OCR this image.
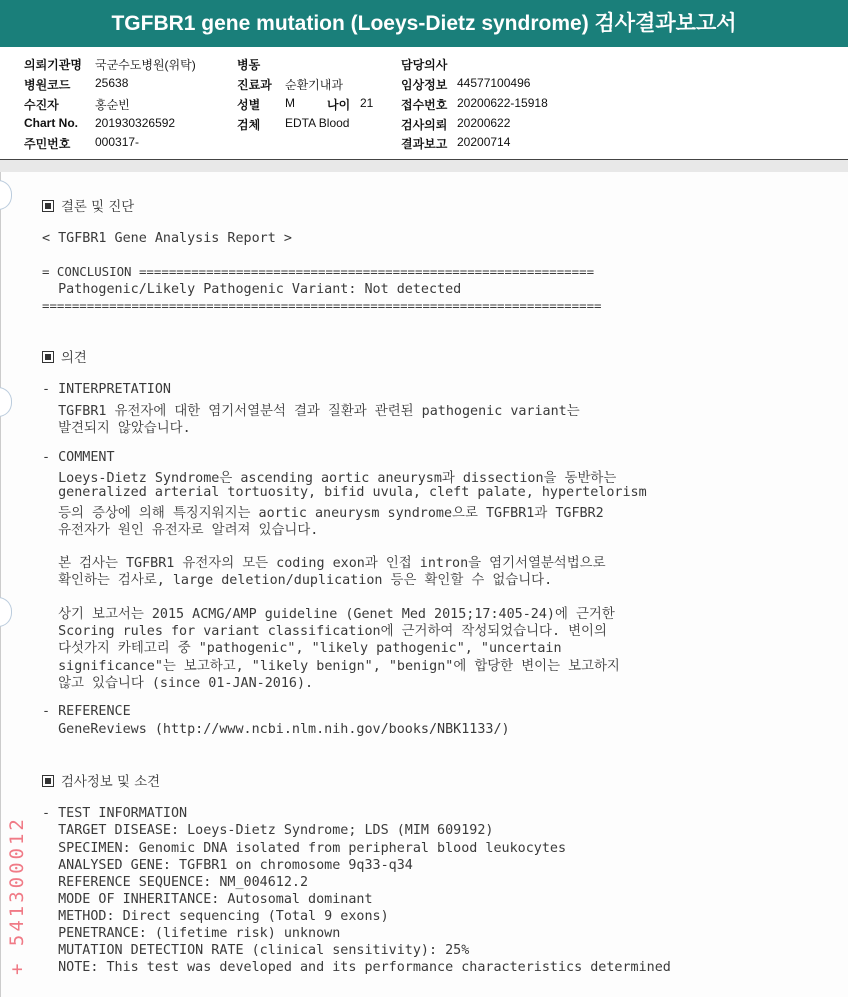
TGFBR1 gene mutation (Loeys-Dietz syndrome) 검사결과보고서
의뢰기관명 국군수도병원(위탁)
병원코드 25638
수진자	홍순빈
Chart No. 201930326592
주민번호 000317-
병동
진료과 순환기내과
성별 M	나이 21
검체 EDTA Blood
담당의사
임상정보 44577100496
접수번호 20200622-15918
검사의뢰 20200622
결과보고 20200714
결론 및 진단
< TGFBR1 Gene Analysis Report >
= CONCLUSION =============================================================
Pathogenic/Likely Pathogenic Variant: Not detected
===========================================================================
의견
- INTERPRETATION
TGFBR1 유전자에 대한 염기서열분석 결과 질환과 관련된 pathogenic variant는
발견되지 않았습니다.
- COMMENT
Loeys-Dietz Syndrome은 ascending aortic aneurysm과 dissection을 동반하는
generalized arterial tortuosity, bifid uvula, cleft palate, hypertelorism
등의 증상에 의해 특징지워지는 aortic aneurysm syndrome으로 TGFBR1과 TGFBR2
유전자가 원인 유전자로 알려져 있습니다.
본 검사는 TGFBR1 유전자의 모든 coding exon과 인접 intron을 염기서열분석법으로
확인하는 검사로, large deletion/duplication 등은 확인할 수 없습니다.
상기 보고서는 2015 ACMG/AMP guideline (Genet Med 2015;17:405-24)에 근거한
Scoring rules for variant classification에 근거하여 작성되었습니다. 변이의
다섯가지 카테고리 중 "pathogenic", "likely pathogenic", "uncertain
significance"는 보고하고, "likely benign", "benign"에 합당한 변이는 보고하지
않고 있습니다 (since 01-JAN-2016).
- REFERENCE
GeneReviews (http://www.ncbi.nlm.nih.gov/books/NBK1133/)
검사정보 및 소견
- TEST INFORMATION
TARGET DISEASE: Loeys-Dietz Syndrome; LDS (MIM 609192)
SPECIMEN: Genomic DNA isolated from peripheral blood leukocytes
ANALYSED GENE: TGFBR1 on chromosome 9q33-q34
REFERENCE SEQUENCE: NM_004612.2
MODE OF INHERITANCE: Autosomal dominant
METHOD: Direct sequencing (Total 9 exons)
PENETRANCE: (lifetime risk) unknown
MUTATION DETECTION RATE (clinical sensitivity): 25%
NOTE: This test was developed and its performance characteristics determined
+ 541300012
